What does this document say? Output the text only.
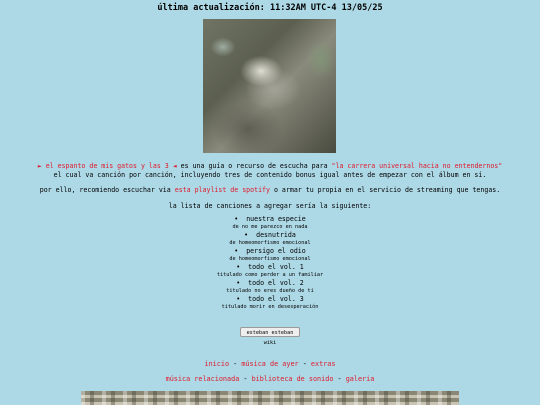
última actualización: 11:32AM UTC-4 13/05/25
► el espanto de mis gatos y las 3 ◄ es una guía o recurso de escucha para "la carrera universal hacia no entendernos"
el cual va canción por canción, incluyendo tres de contenido bonus igual antes de empezar con el álbum en sí.
por ello, recomiendo escuchar via esta playlist de spotify o armar tu propia en el servicio de streaming que tengas.
la lista de canciones a agregar sería la siguiente:
• nuestra especie
de no me parezco en nada
• desnutrida
de homeomorfismo emocional
• persigo el odio
de homeomorfismo emocional
• todo el vol. 1
titulado como perder a un familiar
• todo el vol. 2
titulado no eres dueño de ti
• todo el vol. 3
titulado morir en desesperación
esteban esteban wiki
inicio - música de ayer - extras
música relacionada - biblioteca de sonido - galeria
